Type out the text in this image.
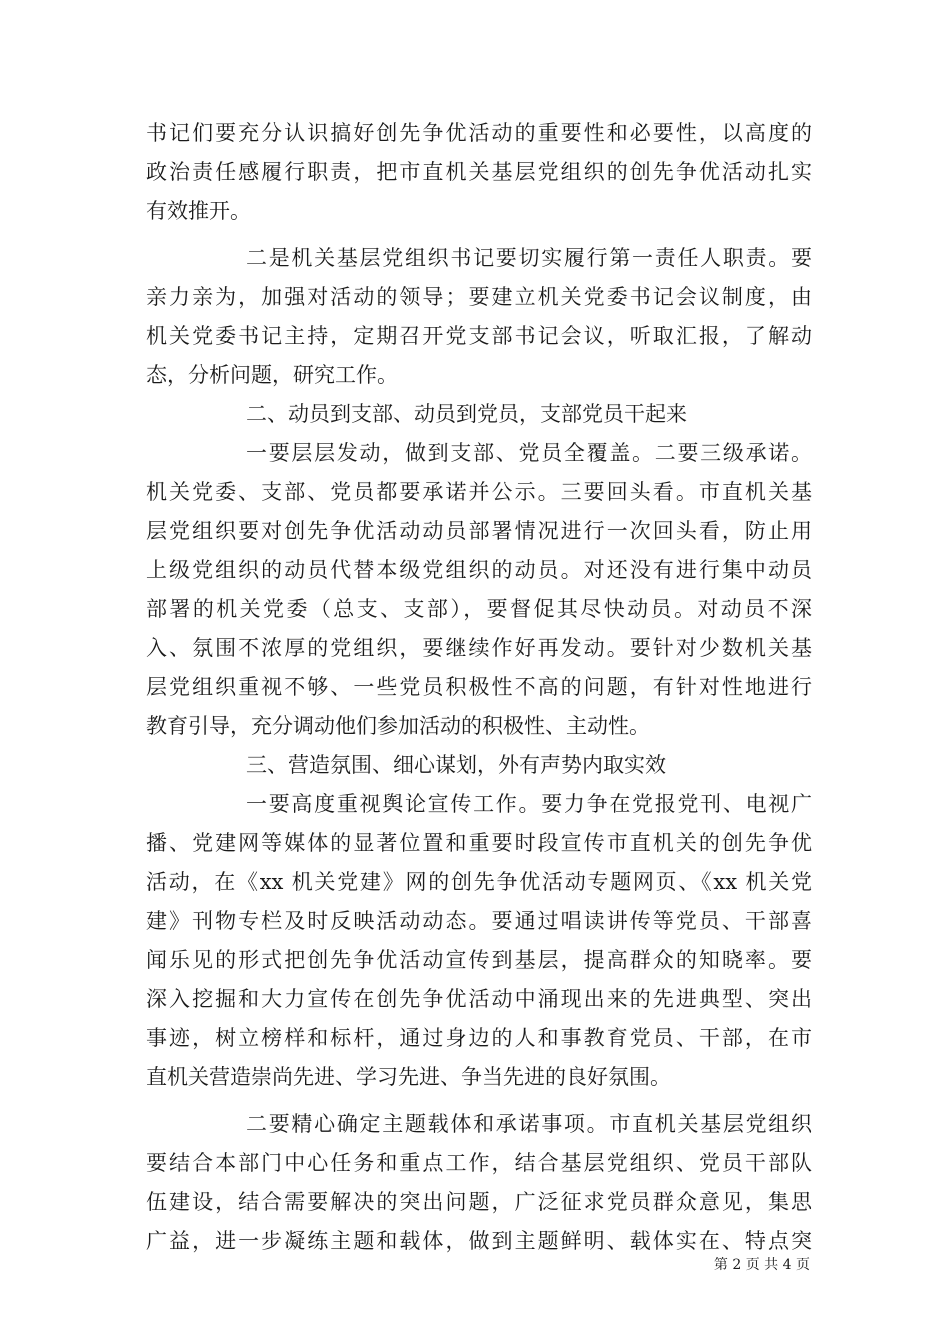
书记们要充分认识搞好创先争优活动的重要性和必要性，以高度的
政治责任感履行职责，把市直机关基层党组织的创先争优活动扎实
有效推开。
二是机关基层党组织书记要切实履行第一责任人职责。要
亲力亲为，加强对活动的领导；要建立机关党委书记会议制度，由
机关党委书记主持，定期召开党支部书记会议，听取汇报，了解动
态，分析问题，研究工作。
二、动员到支部、动员到党员，支部党员干起来
一要层层发动，做到支部、党员全覆盖。二要三级承诺。
机关党委、支部、党员都要承诺并公示。三要回头看。市直机关基
层党组织要对创先争优活动动员部署情况进行一次回头看，防止用
上级党组织的动员代替本级党组织的动员。对还没有进行集中动员
部署的机关党委（总支、支部），要督促其尽快动员。对动员不深
入、氛围不浓厚的党组织，要继续作好再发动。要针对少数机关基
层党组织重视不够、一些党员积极性不高的问题，有针对性地进行
教育引导，充分调动他们参加活动的积极性、主动性。
三、营造氛围、细心谋划，外有声势内取实效
一要高度重视舆论宣传工作。要力争在党报党刊、电视广
播、党建网等媒体的显著位置和重要时段宣传市直机关的创先争优
活动，在《xx 机关党建》网的创先争优活动专题网页、《xx 机关党
建》刊物专栏及时反映活动动态。要通过唱读讲传等党员、干部喜
闻乐见的形式把创先争优活动宣传到基层，提高群众的知晓率。要
深入挖掘和大力宣传在创先争优活动中涌现出来的先进典型、突出
事迹，树立榜样和标杆，通过身边的人和事教育党员、干部，在市
直机关营造崇尚先进、学习先进、争当先进的良好氛围。
二要精心确定主题载体和承诺事项。市直机关基层党组织
要结合本部门中心任务和重点工作，结合基层党组织、党员干部队
伍建设，结合需要解决的突出问题，广泛征求党员群众意见，集思
广益，进一步凝练主题和载体，做到主题鲜明、载体实在、特点突
第 2 页 共 4 页
